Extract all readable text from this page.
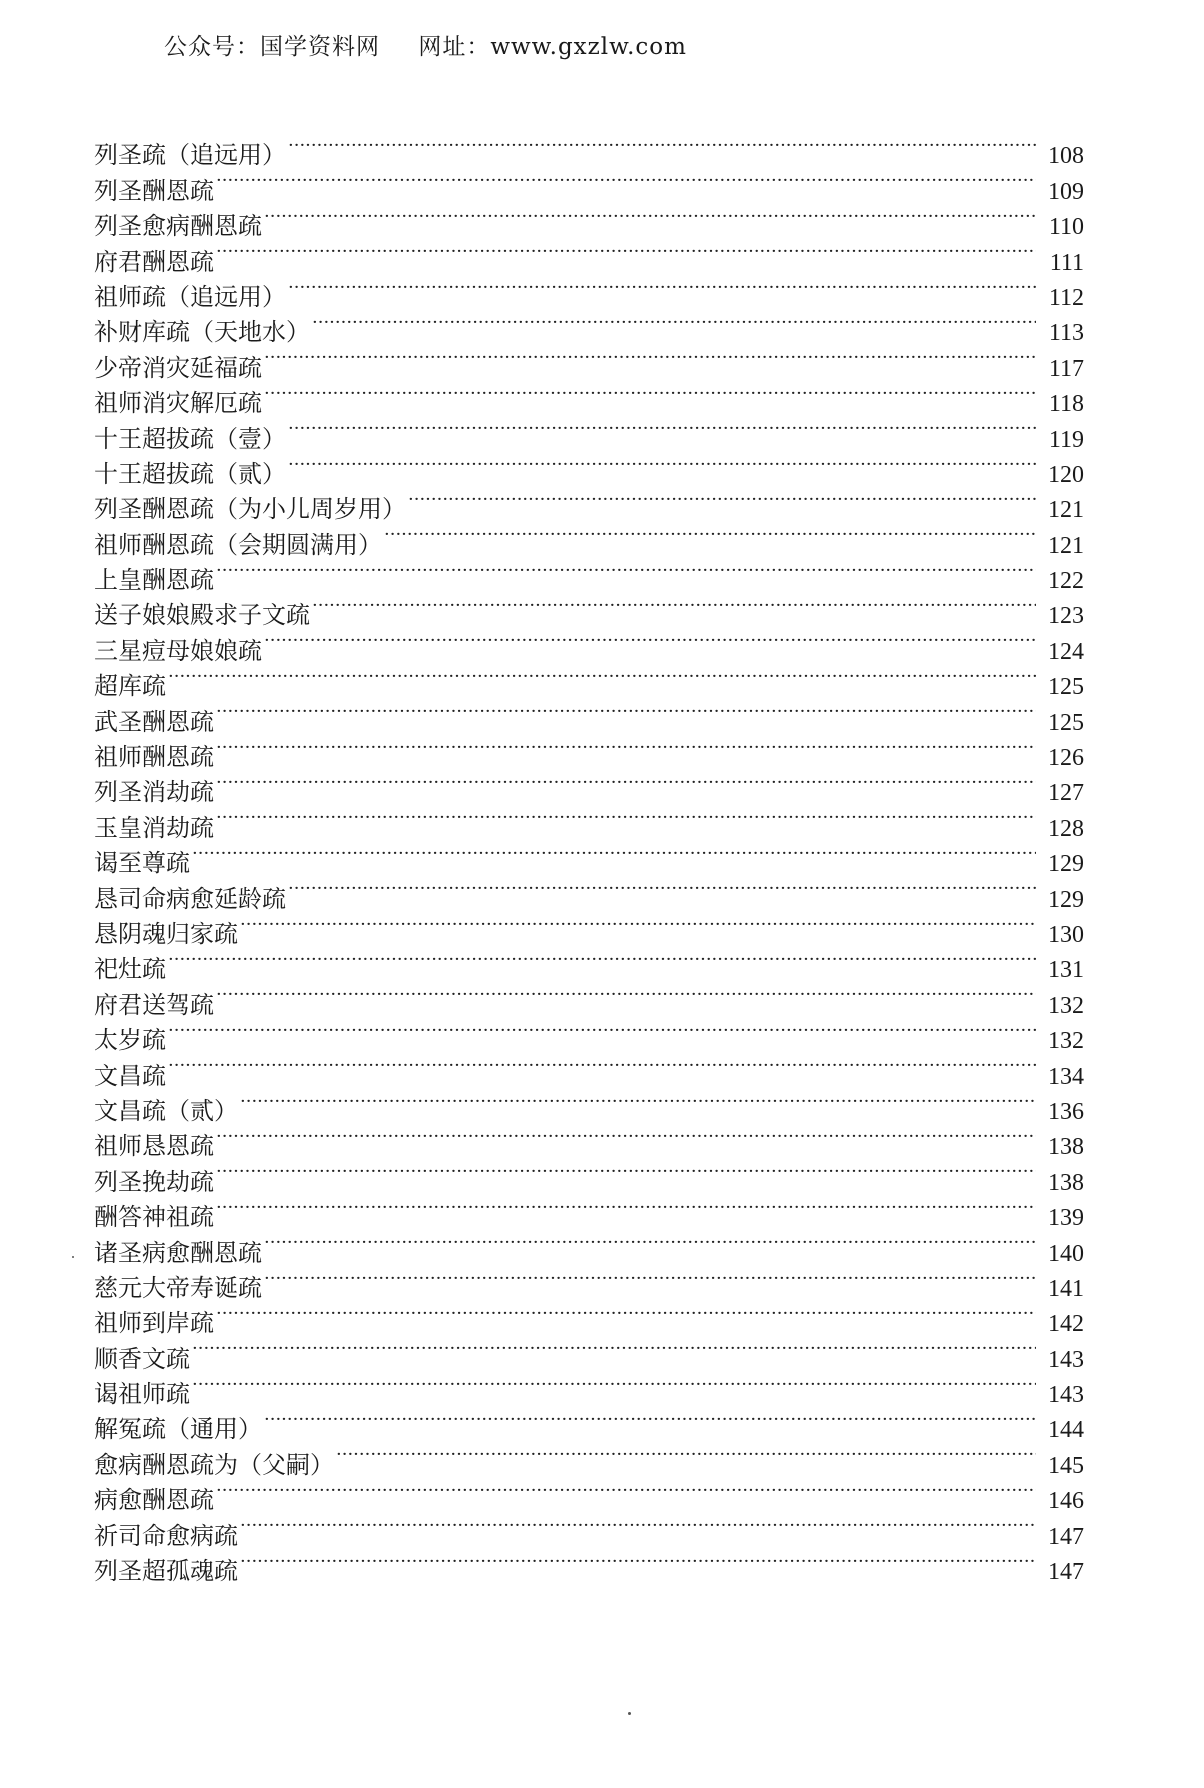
公众号：国学资料网 网址：www.gxzlw.com
列圣疏（追远用） ·····	108
列圣酬恩疏 ·····	109
列圣愈病酬恩疏 ·····	110
府君酬恩疏 ·····	111
祖师疏（追远用） ·····	112
补财库疏（天地水） ·····	113
少帝消灾延福疏 ·····	117
祖师消灾解厄疏 ·····	118
十王超拔疏（壹） ·····	119
十王超拔疏（贰） ·····	120
列圣酬恩疏（为小儿周岁用） ·····	121
祖师酬恩疏（会期圆满用） ·····	121
上皇酬恩疏 ·····	122
送子娘娘殿求子文疏 ·····	123
三星痘母娘娘疏 ·····	124
超库疏 ·····	125
武圣酬恩疏 ·····	125
祖师酬恩疏 ·····	126
列圣消劫疏 ·····	127
玉皇消劫疏 ·····	128
谒至尊疏 ·····	129
恳司命病愈延龄疏 ·····	129
恳阴魂归家疏 ·····	130
祀灶疏 ·····	131
府君送驾疏 ·····	132
太岁疏 ·····	132
文昌疏 ·····	134
文昌疏（贰） ·····	136
祖师恳恩疏 ·····	138
列圣挽劫疏 ·····	138
酬答神祖疏 ·····	139
诸圣病愈酬恩疏 ·····	140
慈元大帝寿诞疏 ·····	141
祖师到岸疏 ·····	142
顺香文疏 ·····	143
谒祖师疏 ·····	143
解冤疏（通用） ·····	144
愈病酬恩疏为（父嗣） ·····	145
病愈酬恩疏 ·····	146
祈司命愈病疏 ·····	147
列圣超孤魂疏 ·····	147
